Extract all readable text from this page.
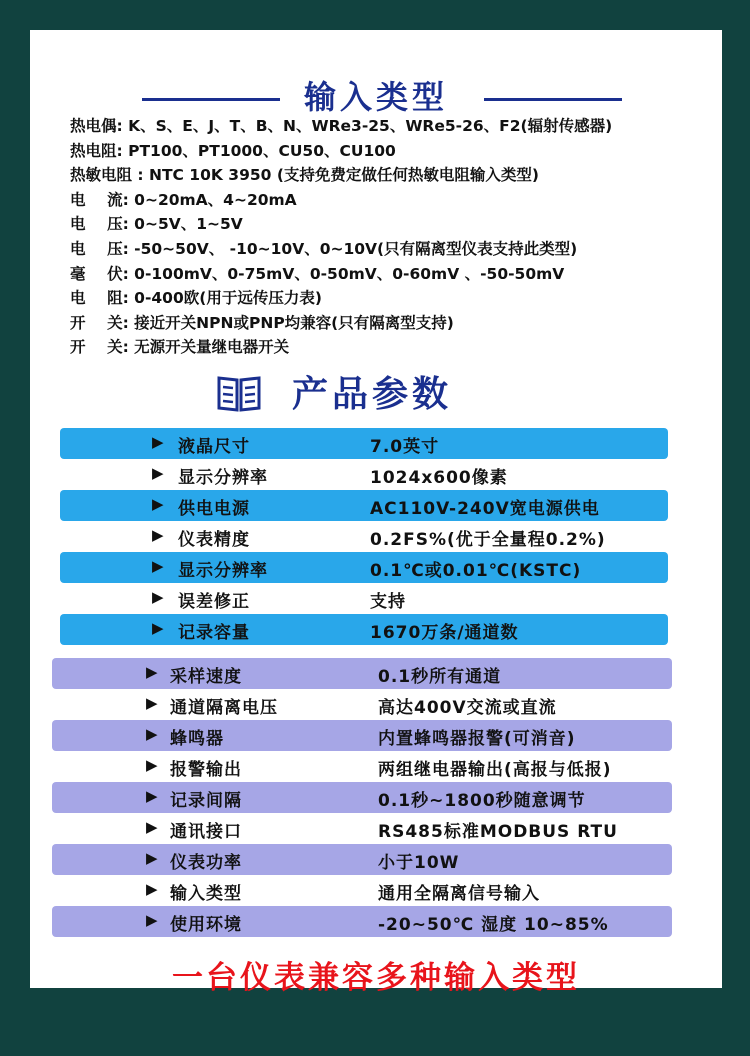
输入类型
热电偶: K、S、E、J、T、B、N、WRe3-25、WRe5-26、F2(辐射传感器)
热电阻: PT100、PT1000、CU50、CU100
热敏电阻 : NTC 10K 3950 (支持免费定做任何热敏电阻输入类型)
电    流: 0~20mA、4~20mA
电    压: 0~5V、1~5V
电    压: -50~50V、 -10~10V、0~10V(只有隔离型仪表支持此类型)
毫    伏: 0-100mV、0-75mV、0-50mV、0-60mV 、-50-50mV
电    阻: 0-400欧(用于远传压力表)
开    关: 接近开关NPN或PNP均兼容(只有隔离型支持)
开    关: 无源开关量继电器开关
产品参数
▶ 液晶尺寸	7.0英寸
▶ 显示分辨率	1024x600像素
▶ 供电电源	AC110V-240V宽电源供电
▶ 仪表精度	0.2FS%(优于全量程0.2%)
▶ 显示分辨率	0.1℃或0.01℃(KSTC)
▶ 误差修正	支持
▶ 记录容量	1670万条/通道数
▶ 采样速度	0.1秒所有通道
▶ 通道隔离电压	高达400V交流或直流
▶ 蜂鸣器	内置蜂鸣器报警(可消音)
▶ 报警输出	两组继电器输出(高报与低报)
▶ 记录间隔	0.1秒~1800秒随意调节
▶ 通讯接口	RS485标准MODBUS RTU
▶ 仪表功率	小于10W
▶ 输入类型	通用全隔离信号输入
▶ 使用环境	-20~50℃ 湿度 10~85%
一台仪表兼容多种输入类型
